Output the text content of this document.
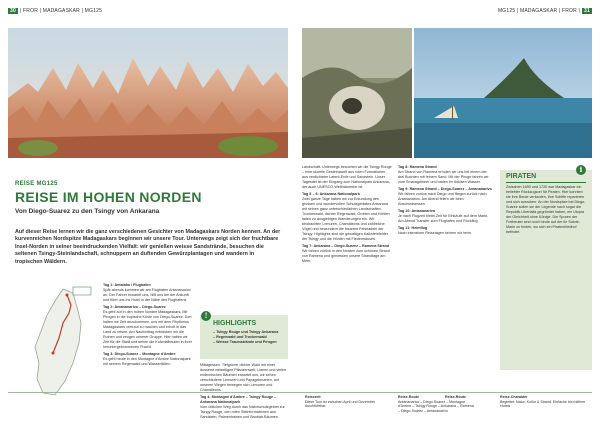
30 | FROR | MADAGASKAR | MG125	MG125 | MADAGASKAR | FROR | 31
REISE MG125
REISE IM HOHEN NORDEN
Von Diego-Suarez zu den Tsingy von Ankarana
Auf dieser Reise lernen wir die ganz verschiedenen Gesichter von Madagaskars Norden kennen. An der kurvenreichen Nordspitze Madagaskars beginnen wir unsere Tour. Unterwegs zeigt sich der fruchtbare Insel-Norden in seiner beeindruckenden Vielfalt: wir genießen weisse Sandstrände, besuchen die seltenen Tsingy-Steinlandschaft, schnuppern an duftenden Gewürzplantagen und wandern in tropischen Wäldern.

Tag 1: Antalaha / Flughafen
Spät abends kommen wir am Flughafen Antananarivo an. Der Fahrer erwartet uns, hilft uns bei der Ankunft und führt uns ins Hotel in der Nähe des Flughafens.

Tag 2: Antananarivo – Diego-Suarez
Es geht auf in den hohen Norden Madagaskars. Mit Pirogen in die tropische Küste von Diego-Suarez. Dort halten wir Zeit anzukommen, uns mit dem Rhythmus Madagaskars vertraut zu machen und erholt in das Land zu reisen. Am Nachmittag entdecken wir die Ruinen und zeugen unserer Gruppe. Hier haben wir Zeit für die Stadt und sehen die Kolonialbauten in ihrer heruntergekommenen Pracht.

Tag 3: Diego-Suarez – Montagne d'Ambre
Es geht heute in den Montagne d'Ambre Nationalpark mit seinem Regenwald und Wasserfällen.

!
HIGHLIGHTS
– Tsingy Rouge und Tsingy Ankarana
– Regenwald und Trockenwald
– Weisse Traumstrände und Pirogen

Mittagessen. Tiefgrüner dichter Wald mit einer äusserst vielseitigen Pflanzenwelt, Lianen und vielen endemischen Bäumen erwartet uns, wir sehen verschiedene Lemuren und Papageienarten, auf unseren Wegen bewegen sich Lemuren und Chamäleons.

Tag 4: Montagne d'Ambre – Tsingy Rouge – Ankarana Nationalpark
Vom üblichen Weg durch das Naturschutzgebiet zur Tsingy Rouge, den roten Steinformationen aus Sandstein, Palmenhainen und Baobab-Bäumen.

Landschaft. Unterwegs besuchen wir die Tsingy Rouge – eine skurrile Gesteinswelt aus roten Formationen aus verdichteter Laterit-Erde und Sandstein. Unser Tagesdel ist der Eingang zum Nationalpark Ankarana, der auch UNESCO-Weltnaturerbe ist.

Tag 5 – 6: Ankarana Nationalpark
Zwei ganze Tage haben wir zur Erkundung des grossen und wundervollen Schutzgebietes Ankarana mit seinen ganz unterschiedlichen Landschaften. Trockenwald, dichter Regenwald, Grotten und Höhlen laden zu ausgiebigen Wanderungen ein. Wir beobachten Lemuren, Chamäleons und zahlreiche Vögel und bewundern die bizarren Felsnadeln der Tsingy. Highlights sind die gewaltigen Kalksteinfelder der Tsingy und die Höhlen mit Fledermäusen.

Tag 7: Ankarana – Diego-Suarez – Ramena Strand
Wir fahren zurück in den Norden zum schönen Strand von Ramena und geniessen unsere Strandtage am Meer.

Tag 8: Ramena Strand
Am Strand von Ramena erholen wir uns bei einem der drei Buchten mit feinem Sand. Mit der Piroge fahren wir zum Smaragdmeer und baden im türkisen Wasser.

Tag 9: Ramena Strand – Diego-Suarez – Antananarivo
Wir fahren zurück nach Diego und fliegen zurück nach Antananarivo. Am Abend feiern wir beim Abschiedsessen.

Tag 10: Antananarivo
Je nach Flugzeit bleibt Zeit für Einkäufe auf dem Markt. Am Abend Transfer zum Flughafen und Rückflug.

Tag 11: Heimflug
Nach intensiven Reisetagen kehren wir heim.

i
PIRATEN
Zwischen 1690 und 1720 war Madagaskar ein beliebter Rückzugsort für Piraten. Hier konnten sie ihre Beute verkaufen, ihre Schiffe reparieren und sich ausruhen. An der Nordspitze bei Diego-Suarez sollen sie der Legende nach sogar die Republik Libertalia gegründet haben, ein Utopia der Gleichheit ohne Könige. Die Spuren der Freibeuter sind noch heute auf der Ile Sainte-Marie zu finden, wo sich ein Piratenfriedhof befindet.
Reisezeit
Diese Tour ist zwischen April und Dezember durchführbar.
Reise-Route
Antananarivo – Diego-Suarez – Montagne d'Ambre – Tsingy Rouge – Ankarana – Ramena – Diego-Suarez – Antananarivo
Reise-Route	Reise-Charakter
Begleitet: Natur, Kultur & Strand. Einfache bis mittlere Hotels
